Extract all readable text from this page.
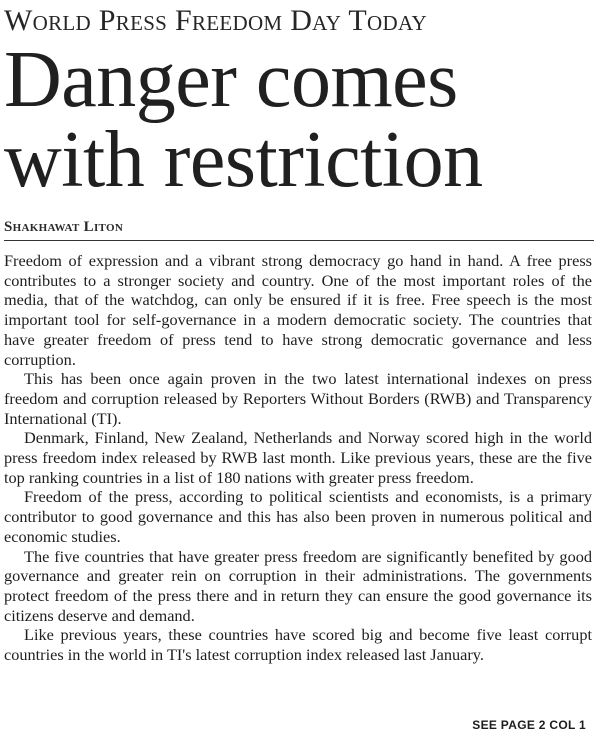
World Press Freedom Day Today
Danger comes
with restriction
Shakhawat Liton

Freedom of expression and a vibrant strong democracy go hand in hand. A free press contributes to a stronger society and country. One of the most important roles of the media, that of the watchdog, can only be ensured if it is free. Free speech is the most important tool for self-governance in a modern democratic society. The countries that have greater freedom of press tend to have strong democratic governance and less corruption.

This has been once again proven in the two latest international indexes on press freedom and corruption released by Reporters Without Borders (RWB) and Transparency International (TI).

Denmark, Finland, New Zealand, Netherlands and Norway scored high in the world press freedom index released by RWB last month. Like previous years, these are the five top ranking countries in a list of 180 nations with greater press freedom.

Freedom of the press, according to political scientists and economists, is a primary contributor to good governance and this has also been proven in numerous political and economic studies.

The five countries that have greater press freedom are significantly benefited by good governance and greater rein on corruption in their administrations. The governments protect freedom of the press there and in return they can ensure the good governance its citizens deserve and demand.

Like previous years, these countries have scored big and become five least corrupt countries in the world in TI's latest corruption index released last January.

SEE PAGE 2 COL 1
